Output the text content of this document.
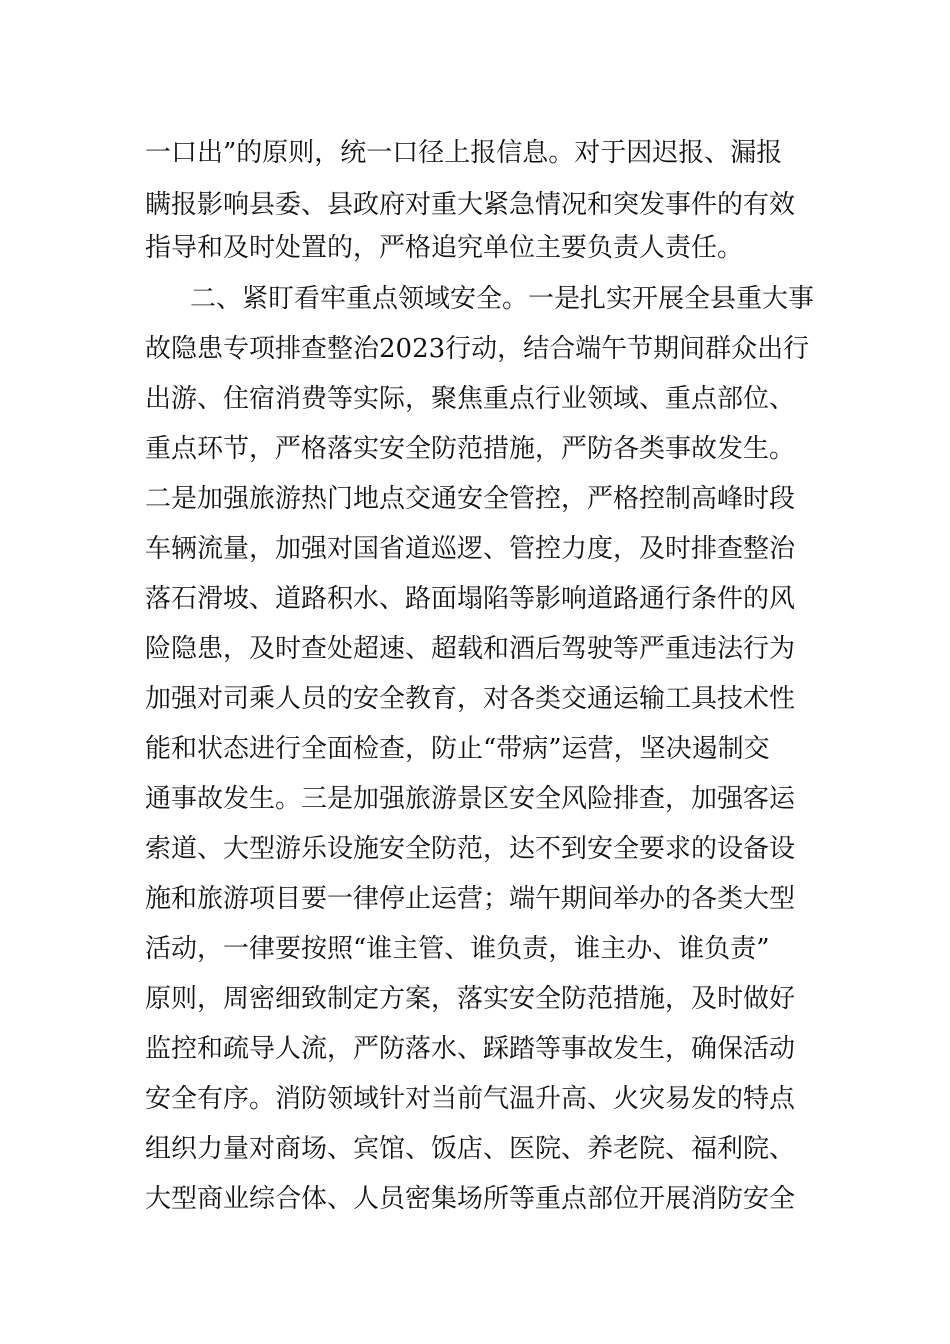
一口出”的原则，统一口径上报信息。对于因迟报、漏报
瞒报影响县委、县政府对重大紧急情况和突发事件的有效
指导和及时处置的，严格追究单位主要负责人责任。
二、紧盯看牢重点领域安全。一是扎实开展全县重大事
故隐患专项排查整治2023行动，结合端午节期间群众出行
出游、住宿消费等实际，聚焦重点行业领域、重点部位、
重点环节，严格落实安全防范措施，严防各类事故发生。
二是加强旅游热门地点交通安全管控，严格控制高峰时段
车辆流量，加强对国省道巡逻、管控力度，及时排查整治
落石滑坡、道路积水、路面塌陷等影响道路通行条件的风
险隐患，及时查处超速、超载和酒后驾驶等严重违法行为
加强对司乘人员的安全教育，对各类交通运输工具技术性
能和状态进行全面检查，防止“带病”运营，坚决遏制交
通事故发生。三是加强旅游景区安全风险排查，加强客运
索道、大型游乐设施安全防范，达不到安全要求的设备设
施和旅游项目要一律停止运营；端午期间举办的各类大型
活动，一律要按照“谁主管、谁负责，谁主办、谁负责”
原则，周密细致制定方案，落实安全防范措施，及时做好
监控和疏导人流，严防落水、踩踏等事故发生，确保活动
安全有序。消防领域针对当前气温升高、火灾易发的特点
组织力量对商场、宾馆、饭店、医院、养老院、福利院、
大型商业综合体、人员密集场所等重点部位开展消防安全
